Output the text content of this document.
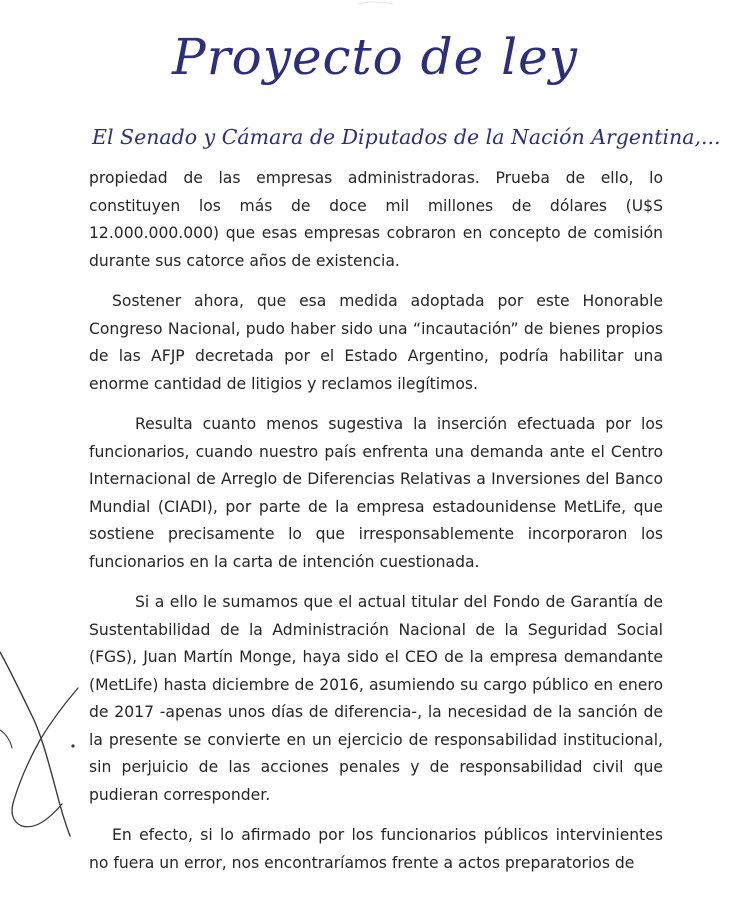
Proyecto de ley
El Senado y Cámara de Diputados de la Nación Argentina,...

propiedad de las empresas administradoras. Prueba de ello, lo constituyen los más de doce mil millones de dólares (U$S 12.000.000.000) que esas empresas cobraron en concepto de comisión durante sus catorce años de existencia.

Sostener ahora, que esa medida adoptada por este Honorable Congreso Nacional, pudo haber sido una “incautación” de bienes propios de las AFJP decretada por el Estado Argentino, podría habilitar una enorme cantidad de litigios y reclamos ilegítimos.

Resulta cuanto menos sugestiva la inserción efectuada por los funcionarios, cuando nuestro país enfrenta una demanda ante el Centro Internacional de Arreglo de Diferencias Relativas a Inversiones del Banco Mundial (CIADI), por parte de la empresa estadounidense MetLife, que sostiene precisamente lo que irresponsablemente incorporaron los funcionarios en la carta de intención cuestionada.

Si a ello le sumamos que el actual titular del Fondo de Garantía de Sustentabilidad de la Administración Nacional de la Seguridad Social (FGS), Juan Martín Monge, haya sido el CEO de la empresa demandante (MetLife) hasta diciembre de 2016, asumiendo su cargo público en enero de 2017 -apenas unos días de diferencia-, la necesidad de la sanción de la presente se convierte en un ejercicio de responsabilidad institucional, sin perjuicio de las acciones penales y de responsabilidad civil que pudieran corresponder.

En efecto, si lo afirmado por los funcionarios públicos intervinientes no fuera un error, nos encontraríamos frente a actos preparatorios de
